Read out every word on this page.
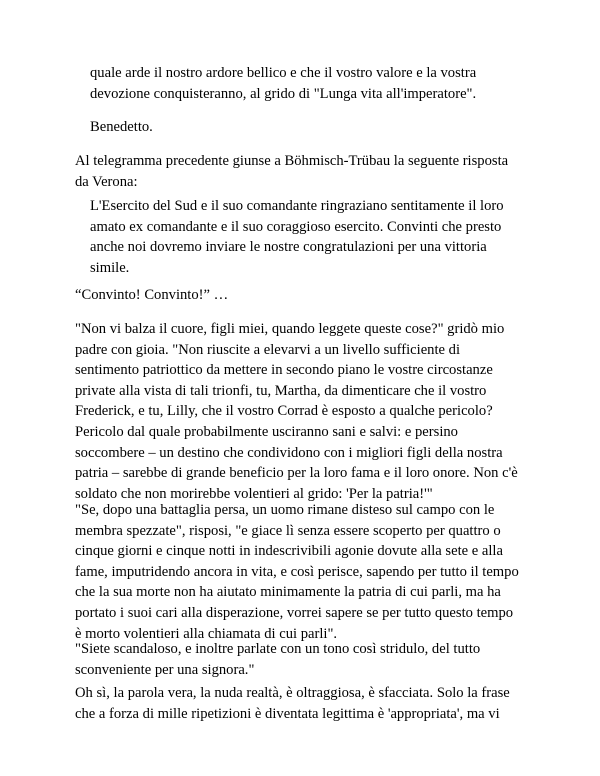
quale arde il nostro ardore bellico e che il vostro valore e la vostra
devozione conquisteranno, al grido di "Lunga vita all'imperatore".

Benedetto.

Al telegramma precedente giunse a Böhmisch-Trübau la seguente risposta
da Verona:

L'Esercito del Sud e il suo comandante ringraziano sentitamente il loro
amato ex comandante e il suo coraggioso esercito. Convinti che presto
anche noi dovremo inviare le nostre congratulazioni per una vittoria
simile.

“Convinto! Convinto!” …

"Non vi balza il cuore, figli miei, quando leggete queste cose?" gridò mio
padre con gioia. "Non riuscite a elevarvi a un livello sufficiente di
sentimento patriottico da mettere in secondo piano le vostre circostanze
private alla vista di tali trionfi, tu, Martha, da dimenticare che il vostro
Frederick, e tu, Lilly, che il vostro Corrad è esposto a qualche pericolo?
Pericolo dal quale probabilmente usciranno sani e salvi: e persino
soccombere – un destino che condividono con i migliori figli della nostra
patria – sarebbe di grande beneficio per la loro fama e il loro onore. Non c'è
soldato che non morirebbe volentieri al grido: 'Per la patria!'"

"Se, dopo una battaglia persa, un uomo rimane disteso sul campo con le
membra spezzate", risposi, "e giace lì senza essere scoperto per quattro o
cinque giorni e cinque notti in indescrivibili agonie dovute alla sete e alla
fame, imputridendo ancora in vita, e così perisce, sapendo per tutto il tempo
che la sua morte non ha aiutato minimamente la patria di cui parli, ma ha
portato i suoi cari alla disperazione, vorrei sapere se per tutto questo tempo
è morto volentieri alla chiamata di cui parli".

"Siete scandaloso, e inoltre parlate con un tono così stridulo, del tutto
sconveniente per una signora."

Oh sì, la parola vera, la nuda realtà, è oltraggiosa, è sfacciata. Solo la frase
che a forza di mille ripetizioni è diventata legittima è 'appropriata', ma vi
